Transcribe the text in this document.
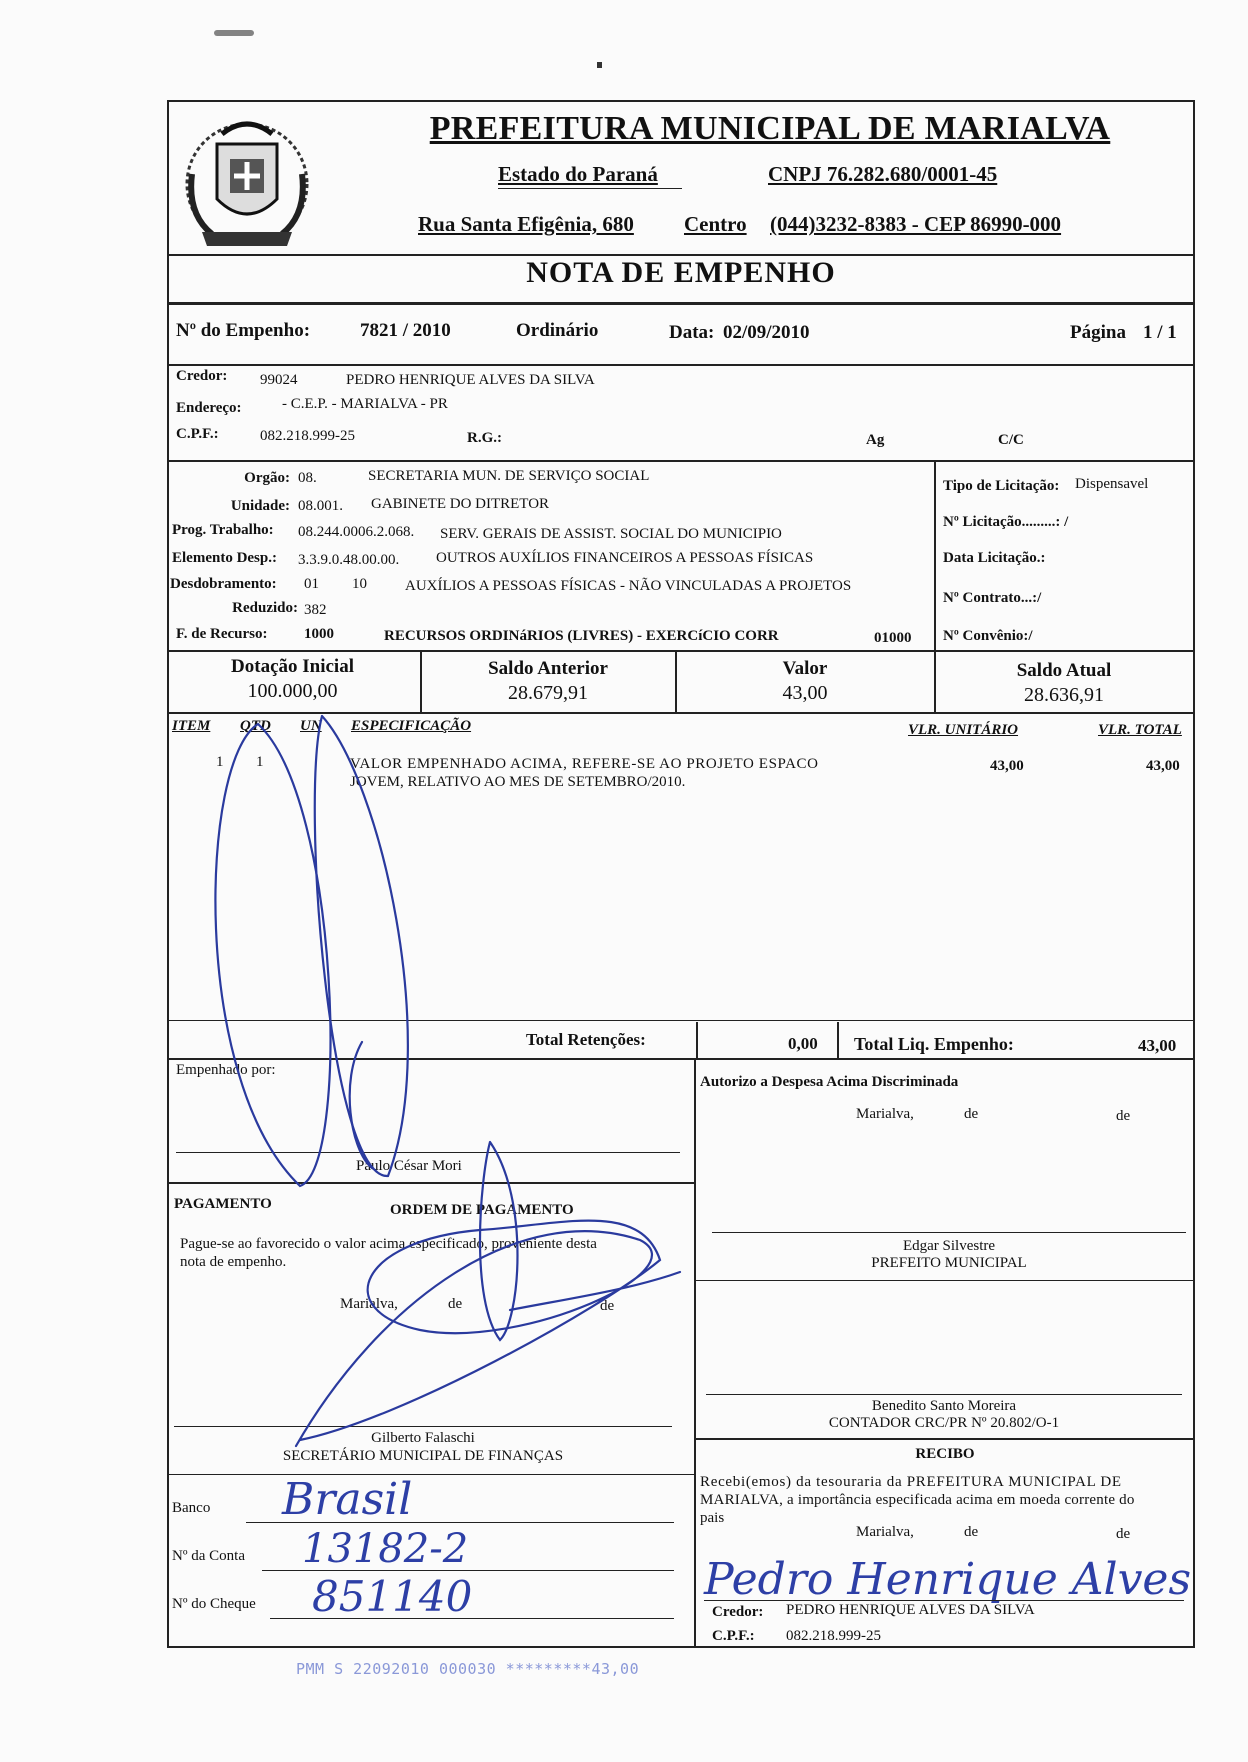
PREFEITURA MUNICIPAL DE MARIALVA
Estado do Paraná	CNPJ 76.282.680/0001-45
Rua Santa Efigênia, 680 Centro (044)3232-8383 - CEP 86990-000
NOTA DE EMPENHO
Nº do Empenho:	7821 / 2010	Ordinário	Data: 02/09/2010	Página 1 / 1
Credor: 99024	PEDRO HENRIQUE ALVES DA SILVA
Endereço:	- C.E.P. - MARIALVA - PR
C.P.F.:	082.218.999-25	R.G.:	Ag	C/C
Orgão: 08.	SECRETARIA MUN. DE SERVIÇO SOCIAL
Unidade: 08.001. GABINETE DO DITRETOR
Prog. Trabalho: 08.244.0006.2.068. SERV. GERAIS DE ASSIST. SOCIAL DO MUNICIPIO
Elemento Desp.: 3.3.9.0.48.00.00. OUTROS AUXÍLIOS FINANCEIROS A PESSOAS FÍSICAS
Desdobramento: 01 10	AUXÍLIOS A PESSOAS FÍSICAS - NÃO VINCULADAS A PROJETOS
Reduzido: 382
F. de Recurso: 1000	RECURSOS ORDINáRIOS (LIVRES) - EXERCíCIO CORR	01000
Tipo de Licitação: Dispensavel
Nº Licitação.........: /
Data Licitação.:
Nº Contrato...:/
Nº Convênio:/
Dotação Inicial
100.000,00
Saldo Anterior
28.679,91
Valor
43,00
Saldo Atual
28.636,91
ITEM QTD UN ESPECIFICAÇÃO	VLR. UNITÁRIO	VLR. TOTAL
1 1	VALOR EMPENHADO ACIMA, REFERE-SE AO PROJETO ESPACO
JOVEM, RELATIVO AO MES DE SETEMBRO/2010.
43,00	43,00
Total Retenções:	0,00 Total Liq. Empenho:	43,00
Empenhado por:
Paulo César Mori
Autorizo a Despesa Acima Discriminada
Marialva,	de	de
Edgar Silvestre
PREFEITO MUNICIPAL
Benedito Santo Moreira
CONTADOR CRC/PR Nº 20.802/O-1
PAGAMENTO	ORDEM DE PAGAMENTO
Pague-se ao favorecido o valor acima especificado, proveniente desta
nota de empenho.
Marialva,	de	de
Gilberto Falaschi
SECRETÁRIO MUNICIPAL DE FINANÇAS
Banco Brasil
Nº da Conta 13182-2
Nº do Cheque 851140
RECIBO
Recebi(emos) da tesouraria da PREFEITURA MUNICIPAL DE
MARIALVA, a importância especificada acima em moeda corrente do
pais
Marialva,	de	de
Pedro Henrique Alves
Credor: PEDRO HENRIQUE ALVES DA SILVA
C.P.F.: 082.218.999-25
PMM S 22092010 000030 *********43,00
